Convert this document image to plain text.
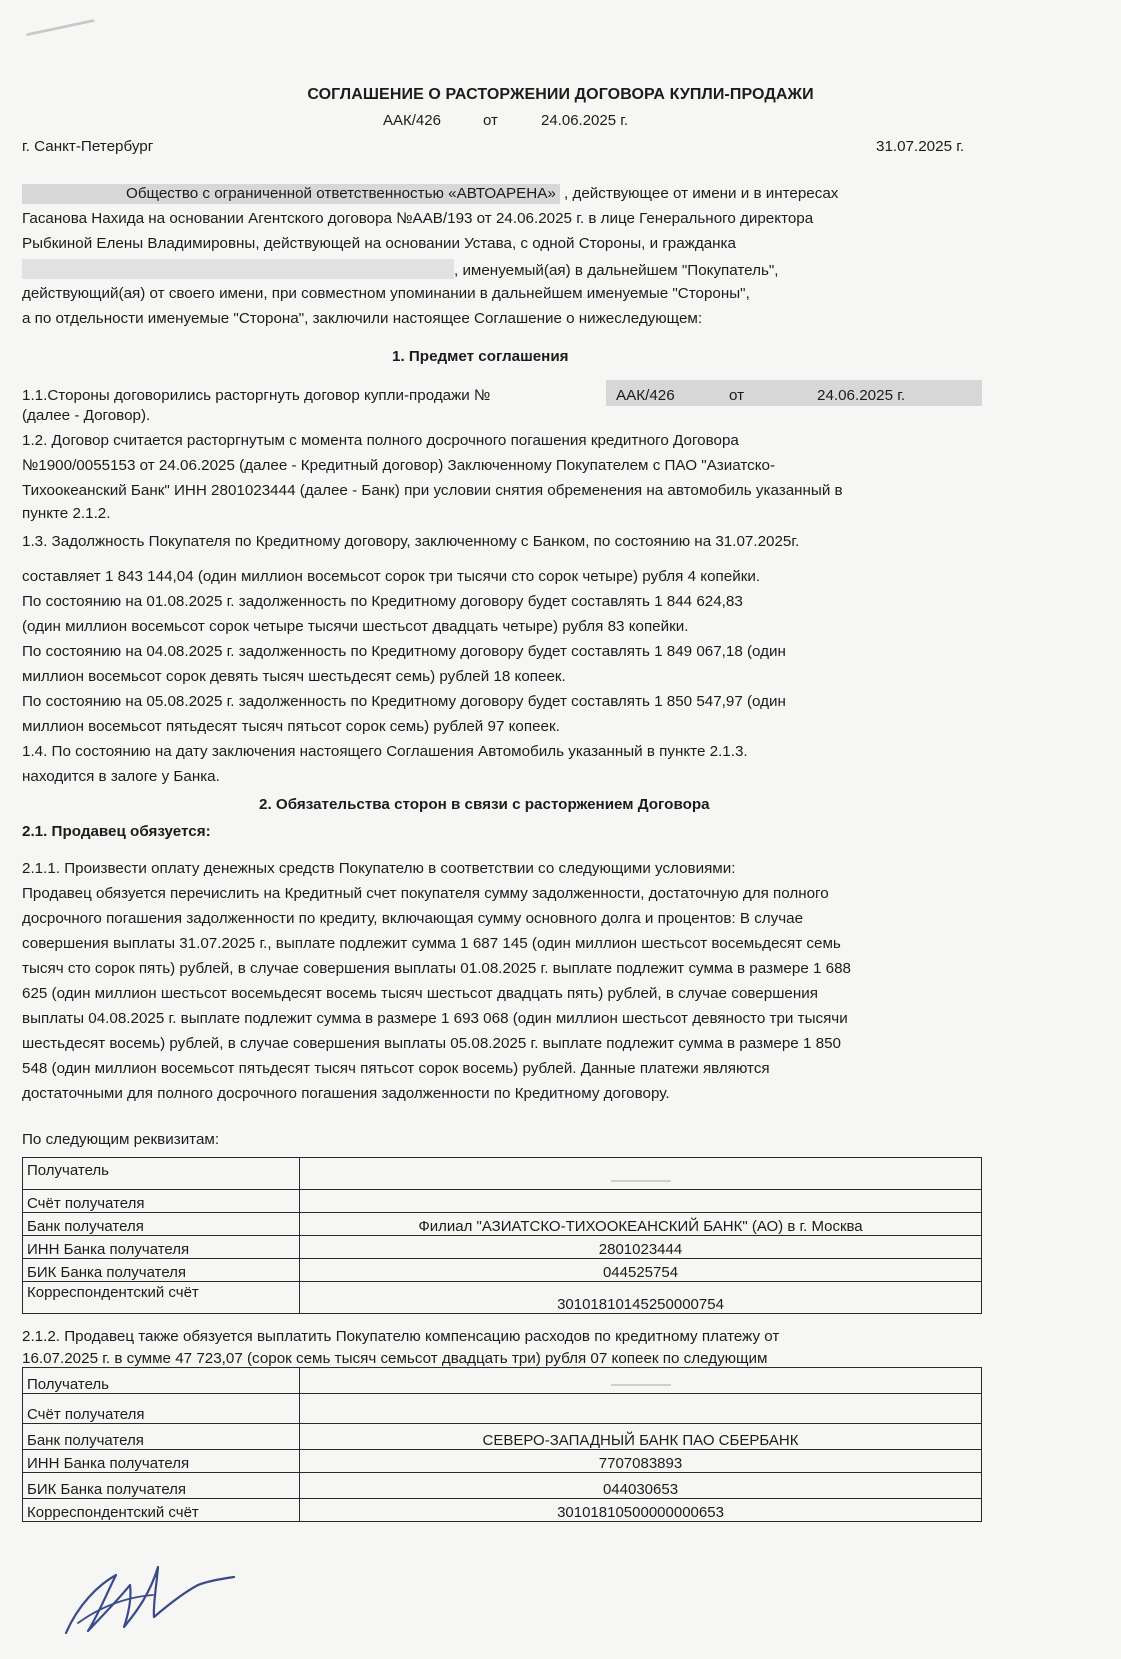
СОГЛАШЕНИЕ О РАСТОРЖЕНИИ ДОГОВОРА КУПЛИ-ПРОДАЖИ
ААК/426	от	24.06.2025 г.
г. Санкт-Петербург	31.07.2025 г.
Общество с ограниченной ответственностью «АВТОАРЕНА» , действующее от имени и в интересах
Гасанова Нахида на основании Агентского договора №ААВ/193 от 24.06.2025 г. в лице Генерального директора
Рыбкиной Елены Владимировны, действующей на основании Устава, с одной Стороны, и гражданка
, именуемый(ая) в дальнейшем "Покупатель",
действующий(ая) от своего имени, при совместном упоминании в дальнейшем именуемые "Стороны",
а по отдельности именуемые "Сторона", заключили настоящее Соглашение о нижеследующем:
1. Предмет соглашения
1.1.Стороны договорились расторгнуть договор купли-продажи №	ААК/426	от	24.06.2025 г.
(далее - Договор).
1.2. Договор считается расторгнутым с момента полного досрочного погашения кредитного Договора
№1900/0055153 от 24.06.2025 (далее - Кредитный договор) Заключенному Покупателем с ПАО "Азиатско-
Тихоокеанский Банк" ИНН 2801023444 (далее - Банк) при условии снятия обременения на автомобиль указанный в
пункте 2.1.2.
1.3. Задолжность Покупателя по Кредитному договору, заключенному с Банком, по состоянию на 31.07.2025г.
составляет 1 843 144,04 (один миллион восемьсот сорок три тысячи сто сорок четыре) рубля 4 копейки.
По состоянию на 01.08.2025 г. задолженность по Кредитному договору будет составлять 1 844 624,83
(один миллион восемьсот сорок четыре тысячи шестьсот двадцать четыре) рубля 83 копейки.
По состоянию на 04.08.2025 г. задолженность по Кредитному договору будет составлять 1 849 067,18 (один
миллион восемьсот сорок девять тысяч шестьдесят семь) рублей 18 копеек.
По состоянию на 05.08.2025 г. задолженность по Кредитному договору будет составлять 1 850 547,97 (один
миллион восемьсот пятьдесят тысяч пятьсот сорок семь) рублей 97 копеек.
1.4. По состоянию на дату заключения настоящего Соглашения Автомобиль указанный в пункте 2.1.3.
находится в залоге у Банка.
2. Обязательства сторон в связи с расторжением Договора
2.1. Продавец обязуется:
2.1.1. Произвести оплату денежных средств Покупателю в соответствии со следующими условиями:
Продавец обязуется перечислить на Кредитный счет покупателя сумму задолженности, достаточную для полного
досрочного погашения задолженности по кредиту, включающая сумму основного долга и процентов: В случае
совершения выплаты 31.07.2025 г., выплате подлежит сумма 1 687 145 (один миллион шестьсот восемьдесят семь
тысяч сто сорок пять) рублей, в случае совершения выплаты 01.08.2025 г. выплате подлежит сумма в размере 1 688
625 (один миллион шестьсот восемьдесят восемь тысяч шестьсот двадцать пять) рублей, в случае совершения
выплаты 04.08.2025 г. выплате подлежит сумма в размере 1 693 068 (один миллион шестьсот девяносто три тысячи
шестьдесят восемь) рублей, в случае совершения выплаты 05.08.2025 г. выплате подлежит сумма в размере 1 850
548 (один миллион восемьсот пятьдесят тысяч пятьсот сорок восемь) рублей. Данные платежи являются
достаточными для полного досрочного погашения задолженности по Кредитному договору.
По следующим реквизитам:
Получатель	
Счёт получателя	
Банк получателя	Филиал "АЗИАТСКО-ТИХООКЕАНСКИЙ БАНК" (АО) в г. Москва
ИНН Банка получателя	2801023444
БИК Банка получателя	044525754
Корреспондентский счёт	30101810145250000754
2.1.2. Продавец также обязуется выплатить Покупателю компенсацию расходов по кредитному платежу от
16.07.2025 г. в сумме 47 723,07 (сорок семь тысяч семьсот двадцать три) рубля 07 копеек по следующим
Получатель	
Счёт получателя	
Банк получателя	СЕВЕРО-ЗАПАДНЫЙ БАНК ПАО СБЕРБАНК
ИНН Банка получателя	7707083893
БИК Банка получателя	044030653
Корреспондентский счёт	30101810500000000653
